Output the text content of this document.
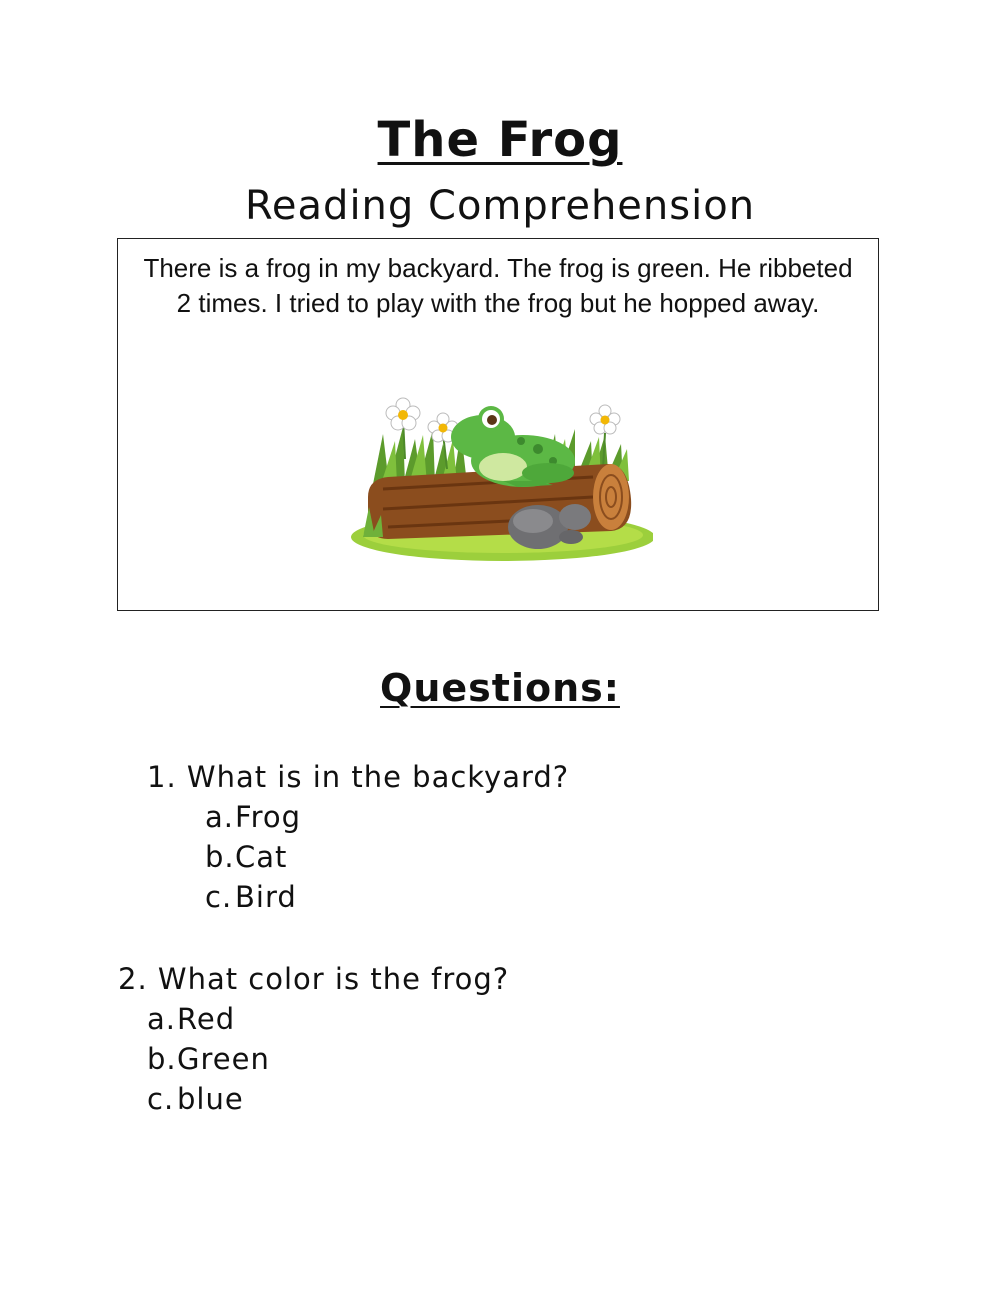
The Frog
Reading Comprehension
There is a frog in my backyard. The frog is green. He ribbeted 2 times. I tried to play with the frog but he hopped away.
Questions:
1. What is in the backyard?
a.Frog
b.Cat
c.Bird
2. What color is the frog?
a.Red
b.Green
c.blue
